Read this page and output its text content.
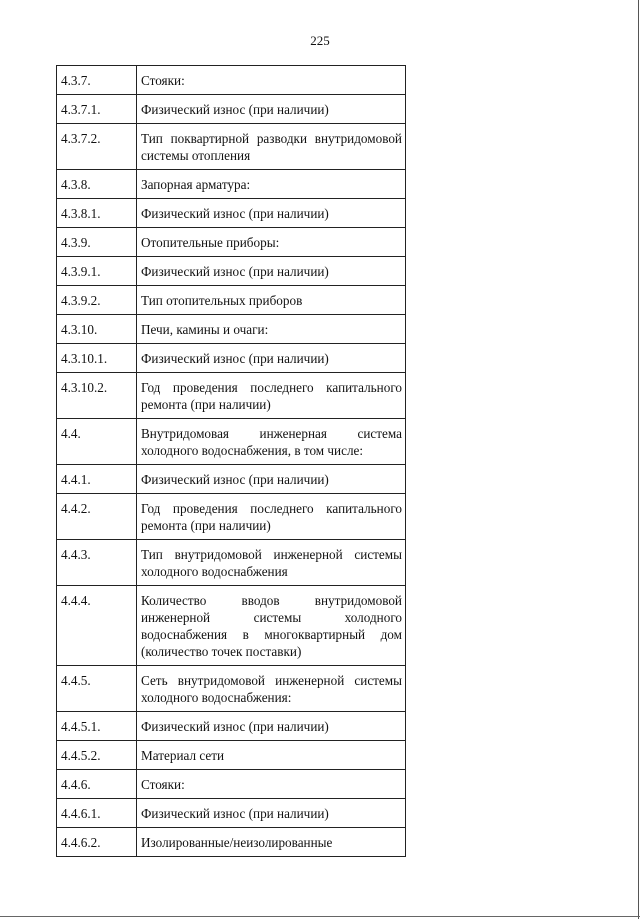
225
4.3.7.	Стояки:
4.3.7.1.	Физический износ (при наличии)
4.3.7.2.	Тип поквартирной разводки внутридомовой системы отопления
4.3.8.	Запорная арматура:
4.3.8.1.	Физический износ (при наличии)
4.3.9.	Отопительные приборы:
4.3.9.1.	Физический износ (при наличии)
4.3.9.2.	Тип отопительных приборов
4.3.10.	Печи, камины и очаги:
4.3.10.1.	Физический износ (при наличии)
4.3.10.2.	Год проведения последнего капитального ремонта (при наличии)
4.4.	Внутридомовая инженерная система холодного водоснабжения, в том числе:
4.4.1.	Физический износ (при наличии)
4.4.2.	Год проведения последнего капитального ремонта (при наличии)
4.4.3.	Тип внутридомовой инженерной системы холодного водоснабжения
4.4.4.	Количество вводов внутридомовой инженерной системы холодного водоснабжения в многоквартирный дом (количество точек поставки)
4.4.5.	Сеть внутридомовой инженерной системы холодного водоснабжения:
4.4.5.1.	Физический износ (при наличии)
4.4.5.2.	Материал сети
4.4.6.	Стояки:
4.4.6.1.	Физический износ (при наличии)
4.4.6.2.	Изолированные/неизолированные
